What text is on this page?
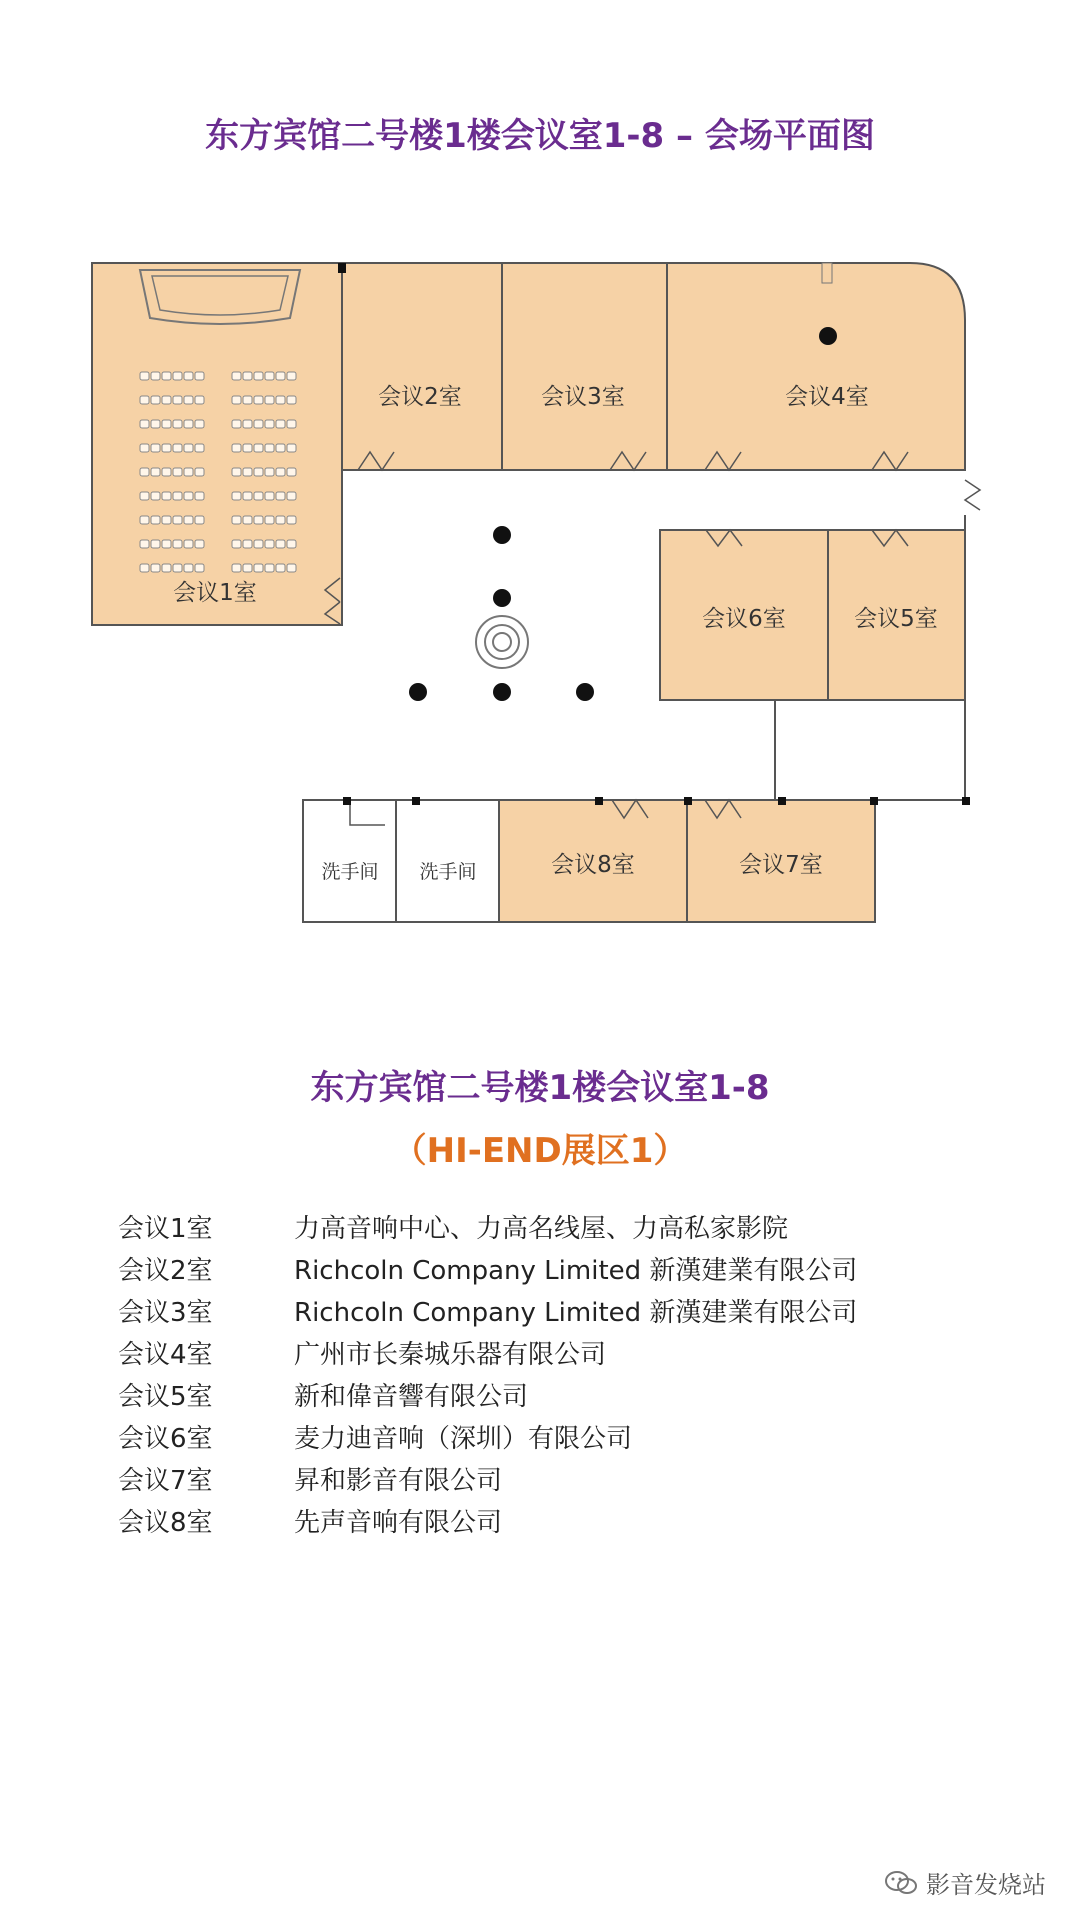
东方宾馆二号楼1楼会议室1-8 – 会场平面图
会议1室
会议2室	会议3室	会议4室
会议6室	会议5室
洗手间 洗手间	会议8室	会议7室
东方宾馆二号楼1楼会议室1-8
（HI-END展区1）
会议1室	力高音响中心、力高名线屋、力高私家影院
会议2室	Richcoln Company Limited 新漢建業有限公司
会议3室	Richcoln Company Limited 新漢建業有限公司
会议4室	广州市长秦城乐器有限公司
会议5室	新和偉音響有限公司
会议6室	麦力迪音响（深圳）有限公司
会议7室	昇和影音有限公司
会议8室	先声音响有限公司
影音发烧站
